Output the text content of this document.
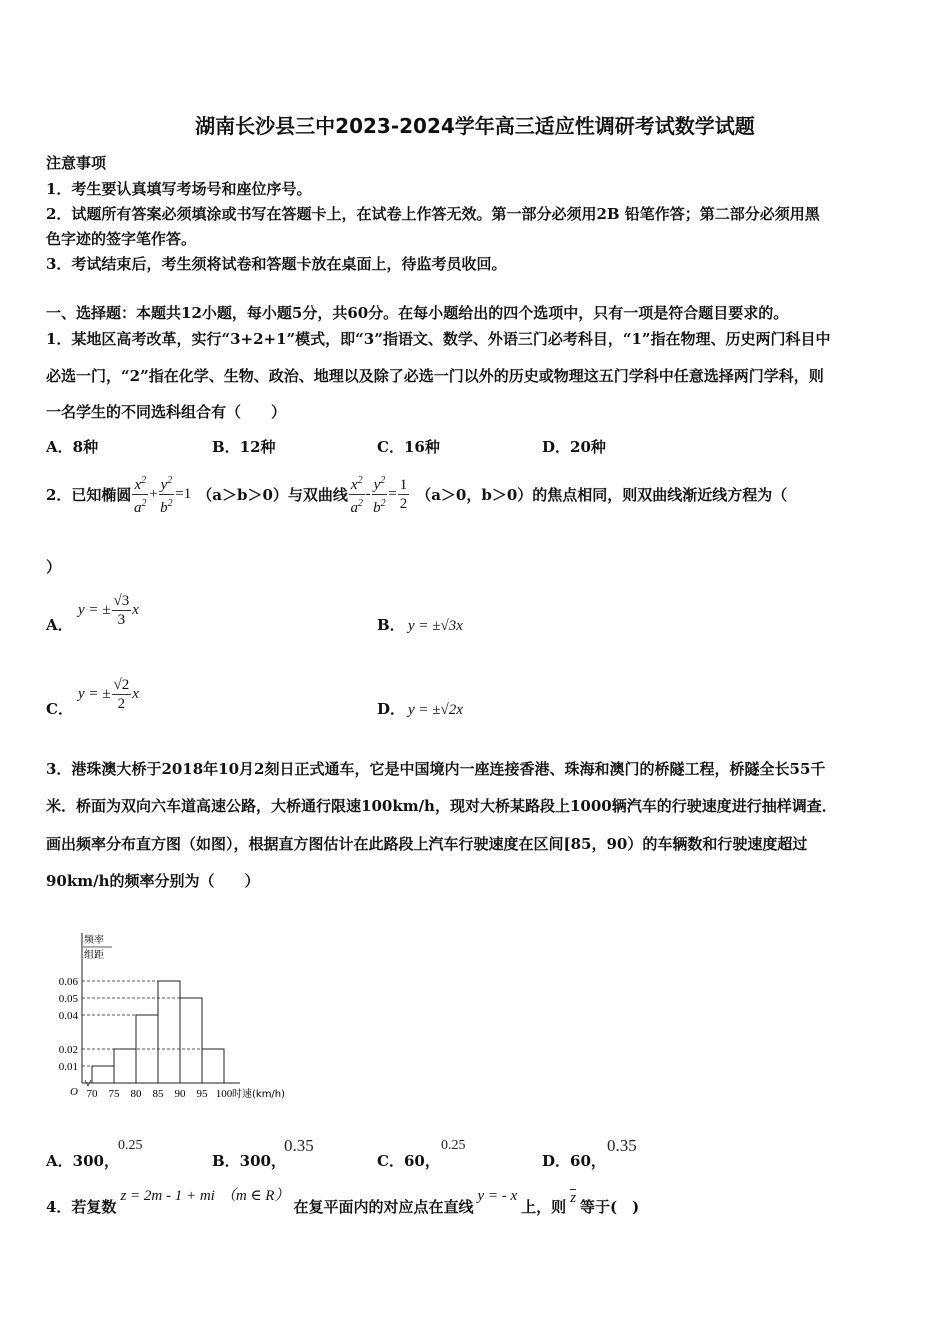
湖南长沙县三中2023-2024学年高三适应性调研考试数学试题
注意事项
1．考生要认真填写考场号和座位序号。
2．试题所有答案必须填涂或书写在答题卡上，在试卷上作答无效。第一部分必须用2B 铅笔作答；第二部分必须用黑
色字迹的签字笔作答。
3．考试结束后，考生须将试卷和答题卡放在桌面上，待监考员收回。
一、选择题：本题共12小题，每小题5分，共60分。在每小题给出的四个选项中，只有一项是符合题目要求的。
1．某地区高考改革，实行“3+2+1”模式，即“3”指语文、数学、外语三门必考科目，“1”指在物理、历史两门科目中
必选一门，“2”指在化学、生物、政治、地理以及除了必选一门以外的历史或物理这五门学科中任意选择两门学科，则
一名学生的不同选科组合有（　　）
A．8种	B．12种	C．16种	D．20种
2．已知椭圆 $\frac{x^2}{a^2} + \frac{y^2}{b^2} =1$ （a＞b＞0）与双曲线 $\frac{x^2}{a^2} - \frac{y^2}{b^2} = \frac{1}{2} (a>0$，b＞0）的焦点相同，则双曲线渐近线方程为（
）
A．
y = ± $\frac{√3}{3}$ x
B． y = ±√3x
C．
y = ± $\frac{√2}{2}$ x
D． y = ±√2x
3．港珠澳大桥于2018年10月2刻日正式通车，它是中国境内一座连接香港、珠海和澳门的桥隧工程，桥隧全长55千
米．桥面为双向六车道高速公路，大桥通行限速100km/h，现对大桥某路段上1000辆汽车的行驶速度进行抽样调查．
画出频率分布直方图（如图），根据直方图估计在此路段上汽车行驶速度在区间[85，90）的车辆数和行驶速度超过
90km/h的频率分别为（　　）
O
频率
组距
0.06
0.05
0.04
0.02
0.01
70 75 80 85 90 95 100 时速(km/h)
A．300，
0.25
B．300，
0.35
C．60，
0.25
D．60，
0.35
4．若复数
z = 2m - 1 + mi （m ∈ R）
在复平面内的对应点在直线
y = - x
上，则 z 等于(　)
